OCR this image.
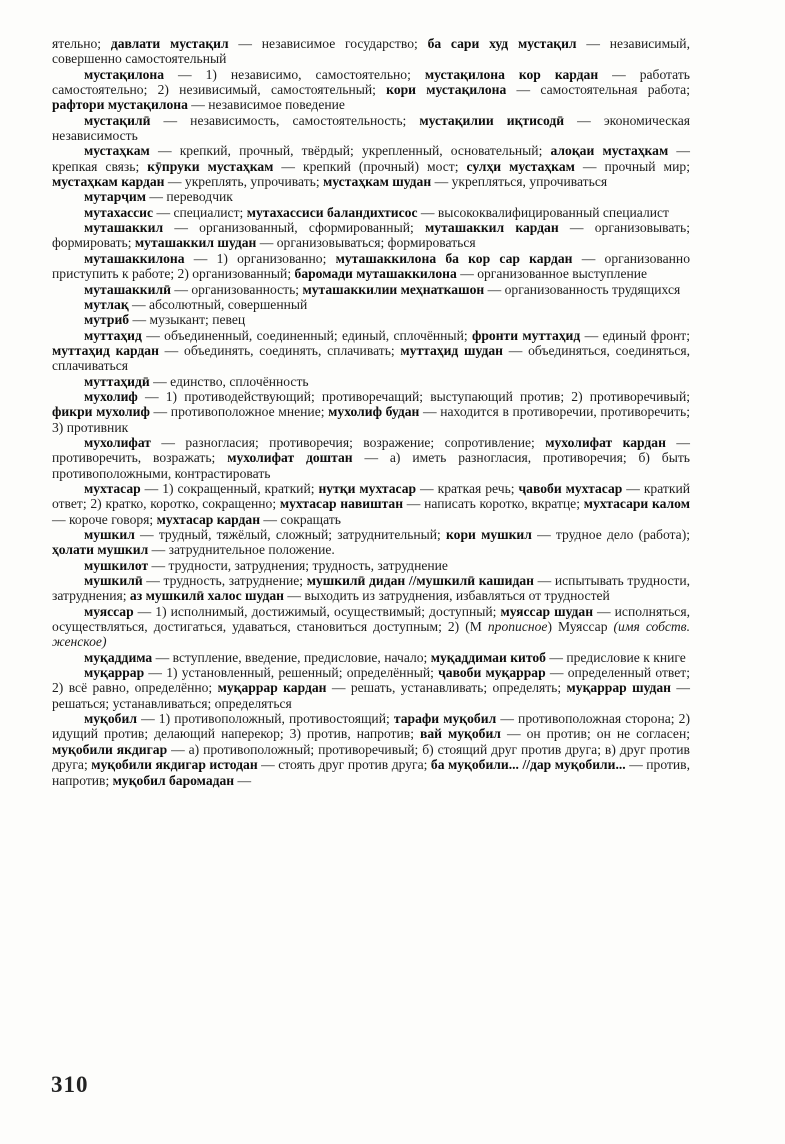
ятельно; давлати мустақил — независимое государство; ба сари худ мустақил — независимый, совершенно самостоятельный

мустақилона — 1) независимо, самостоятельно; мустақилона кор кардан — работать самостоятельно; 2) незивисимый, самостоятельный; кори мустақилона — самостоятельная работа; рафтори мустақилона — независимое поведение

мустақилӣ — независимость, самостоятельность; мустақилии иқтисодӣ — экономическая независимость

мустаҳкам — крепкий, прочный, твёрдый; укрепленный, основательный; алоқаи мустаҳкам — крепкая связь; кӯпруки мустаҳкам — крепкий (прочный) мост; сулҳи мустаҳкам — прочный мир; мустаҳкам кардан — укреплять, упрочивать; мустаҳкам шудан — укрепляться, упрочиваться

мутарҷим — переводчик

мутахассис — специалист; мутахассиси баландихтисос — высококвалифицированный специалист

муташаккил — организованный, сформированный; муташаккил кардан — организовывать; формировать; муташаккил шудан — организовываться; формироваться

муташаккилона — 1) организованно; муташаккилона ба кор сар кардан — организованно приступить к работе; 2) организованный; баромади муташаккилона — организованное выступление

муташаккилӣ — организованность; муташаккилии меҳнаткашон — организованность трудящихся

мутлақ — абсолютный, совершенный

мутриб — музыкант; певец

муттаҳид — объединенный, соединенный; единый, сплочённый; фронти муттаҳид — единый фронт; муттаҳид кардан — объединять, соединять, сплачивать; муттаҳид шудан — объединяться, соединяться, сплачиваться

муттаҳидӣ — единство, сплочённость

мухолиф — 1) противодействующий; противоречащий; выступающий против; 2) противоречивый; фикри мухолиф — противоположное мнение; мухолиф будан — находится в противоречии, противоречить; 3) противник

мухолифат — разногласия; противоречия; возражение; сопротивление; мухолифат кардан — противоречить, возражать; мухолифат доштан — а) иметь разногласия, противоречия; б) быть противоположными, контрастировать

мухтасар — 1) сокращенный, краткий; нутқи мухтасар — краткая речь; ҷавоби мухтасар — краткий ответ; 2) кратко, коротко, сокращенно; мухтасар навиштан — написать коротко, вкратце; мухтасари калом — короче говоря; мухтасар кардан — сокращать

мушкил — трудный, тяжёлый, сложный; затруднительный; кори мушкил — трудное дело (работа); ҳолати мушкил — затруднительное положение.

мушкилот — трудности, затруднения; трудность, затруднение

мушкилӣ — трудность, затруднение; мушкилӣ дидан //мушкилӣ кашидан — испытывать трудности, затруднения; аз мушкилӣ халос шудан — выходить из затруднения, избавляться от трудностей

муяссар — 1) исполнимый, достижимый, осуществимый; доступный; муяссар шудан — исполняться, осуществляться, достигаться, удаваться, становиться доступным; 2) (М прописное) Муяссар (имя собств. женское)

муқаддима — вступление, введение, предисловие, начало; муқаддимаи китоб — предисловие к книге

муқаррар — 1) установленный, решенный; определённый; ҷавоби муқаррар — определенный ответ; 2) всё равно, определённо; муқаррар кардан — решать, устанавливать; определять; муқаррар шудан — решаться; устанавливаться; определяться

муқобил — 1) противоположный, противостоящий; тарафи муқобил — противоположная сторона; 2) идущий против; делающий наперекор; 3) против, напротив; вай муқобил — он против; он не согласен; муқобили якдигар — а) противоположный; противоречивый; б) стоящий друг против друга; в) друг против друга; муқобили якдигар истодан — стоять друг против друга; ба муқобили... //дар муқобили... — против, напротив; муқобил баромадан —

310
